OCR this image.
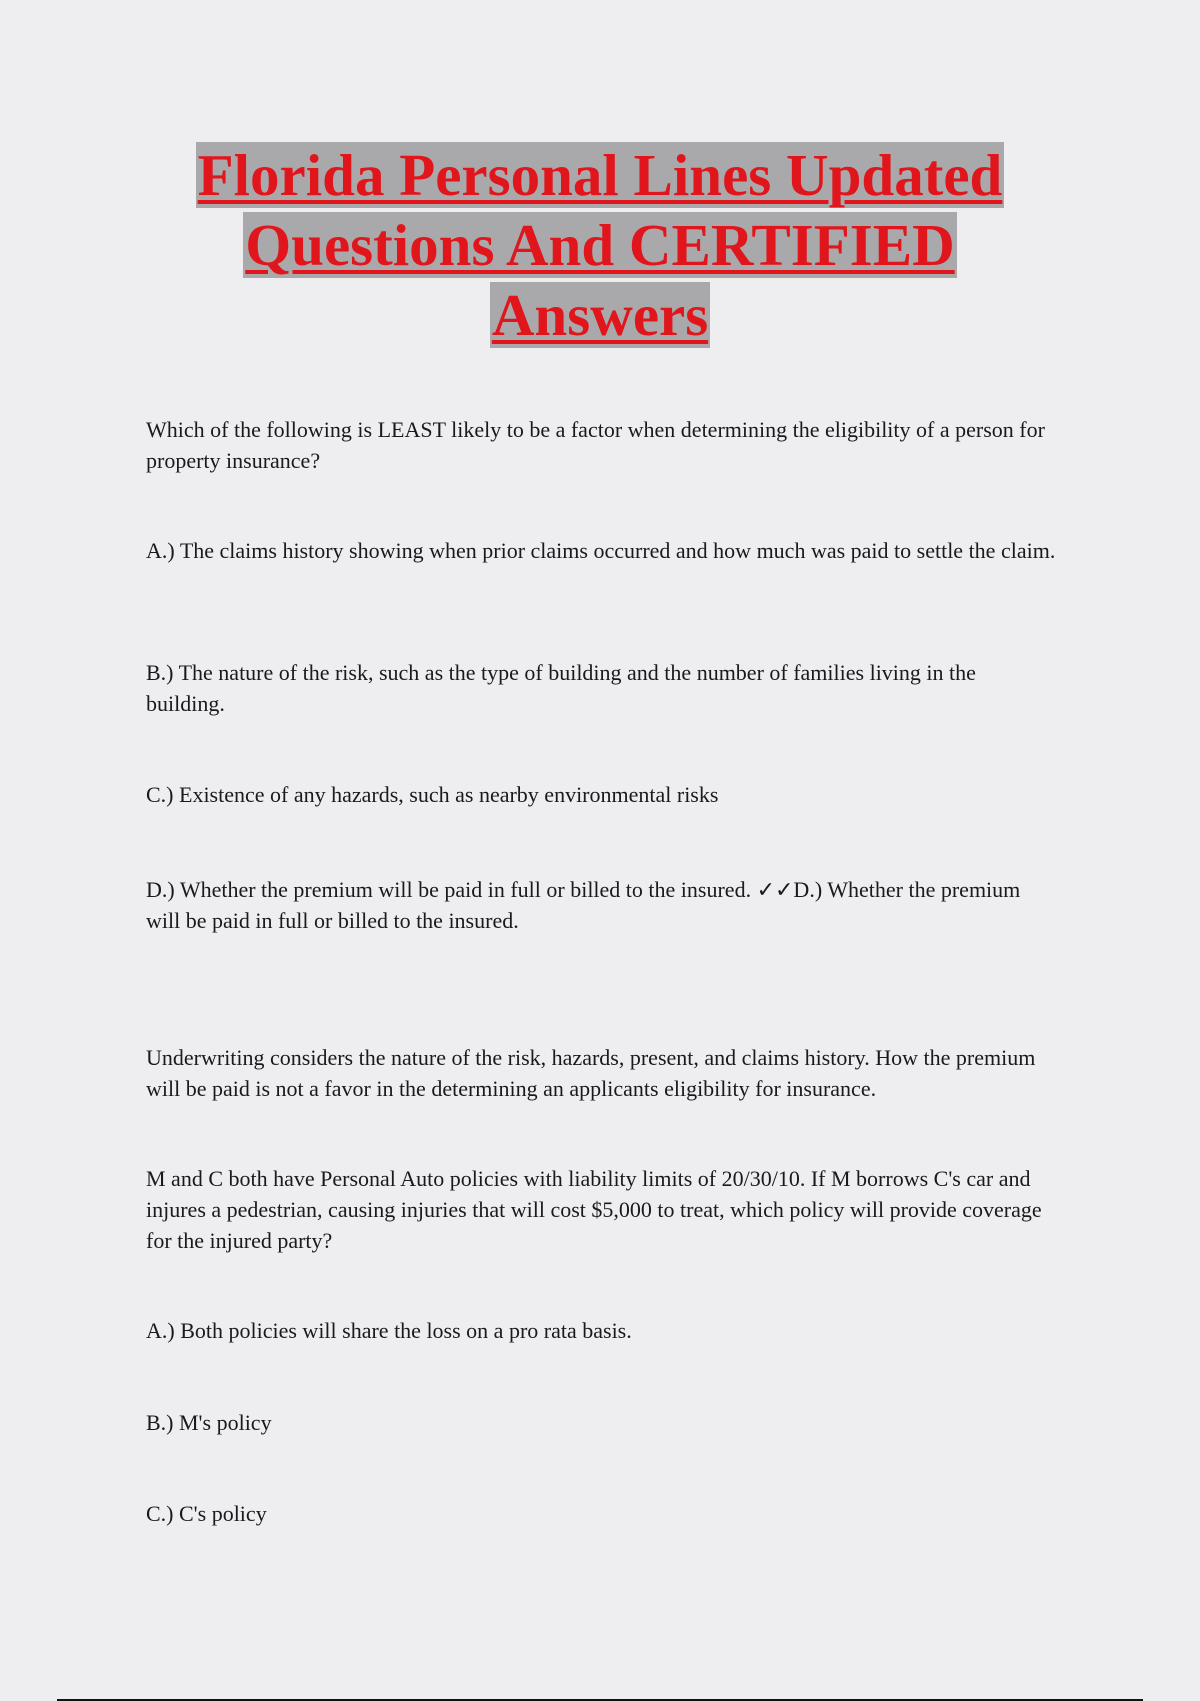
Florida Personal Lines Updated
Questions And CERTIFIED
Answers

Which of the following is LEAST likely to be a factor when determining the eligibility of a person for property insurance?

A.) The claims history showing when prior claims occurred and how much was paid to settle the claim.

B.) The nature of the risk, such as the type of building and the number of families living in the building.

C.) Existence of any hazards, such as nearby environmental risks

D.) Whether the premium will be paid in full or billed to the insured. ✓✓D.) Whether the premium will be paid in full or billed to the insured.

Underwriting considers the nature of the risk, hazards, present, and claims history. How the premium will be paid is not a favor in the determining an applicants eligibility for insurance.

M and C both have Personal Auto policies with liability limits of 20/30/10. If M borrows C's car and injures a pedestrian, causing injuries that will cost $5,000 to treat, which policy will provide coverage for the injured party?

A.) Both policies will share the loss on a pro rata basis.

B.) M's policy

C.) C's policy
